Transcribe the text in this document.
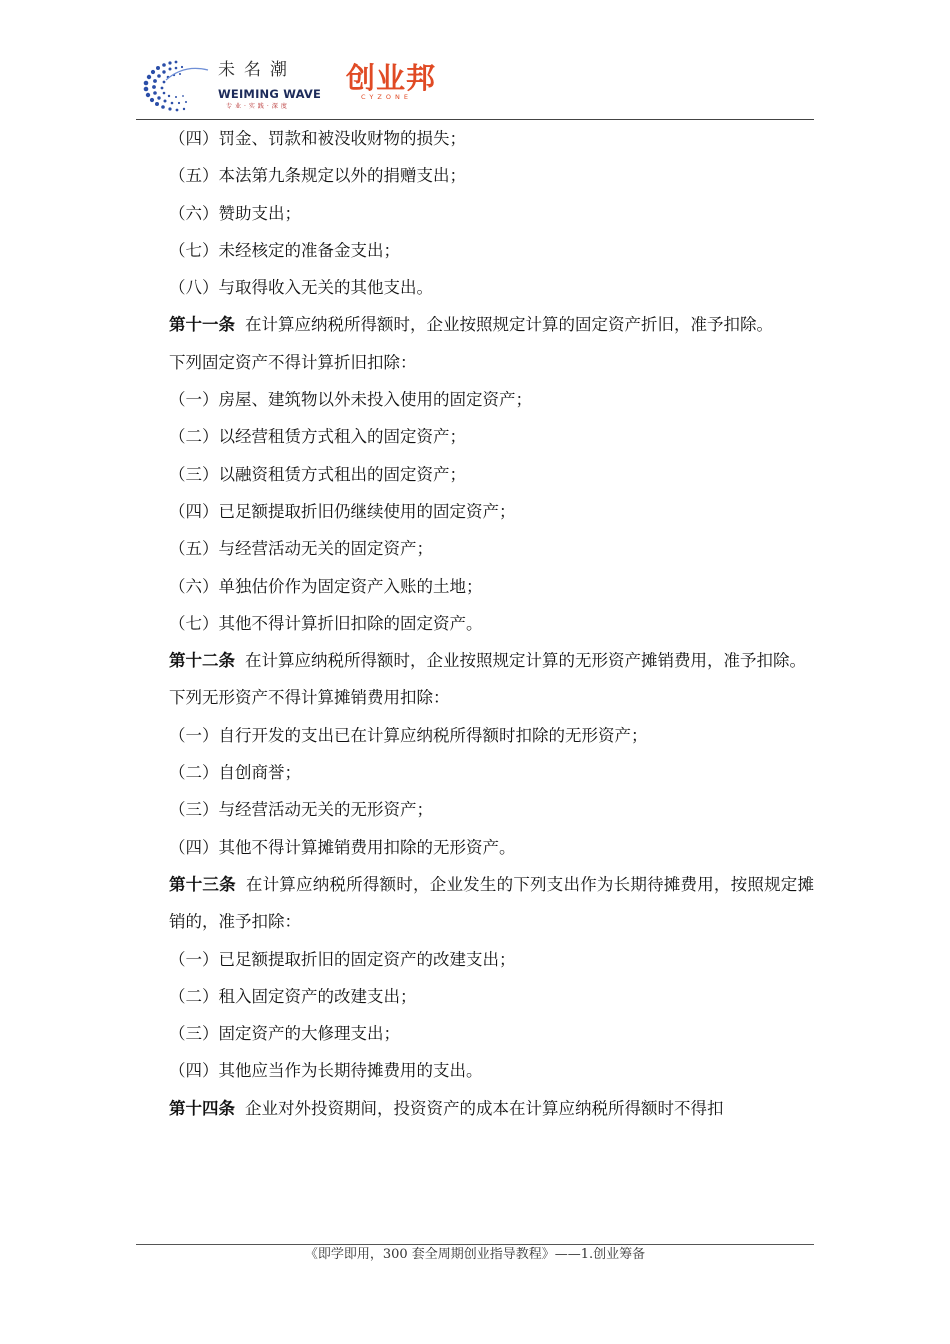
未名潮
WEIMING WAVE
专业·实践·深度
创业邦
CYZONE

（四）罚金、罚款和被没收财物的损失；

（五）本法第九条规定以外的捐赠支出；

（六）赞助支出；

（七）未经核定的准备金支出；

（八）与取得收入无关的其他支出。

第十一条 在计算应纳税所得额时，企业按照规定计算的固定资产折旧，准予扣除。

下列固定资产不得计算折旧扣除：

（一）房屋、建筑物以外未投入使用的固定资产；

（二）以经营租赁方式租入的固定资产；

（三）以融资租赁方式租出的固定资产；

（四）已足额提取折旧仍继续使用的固定资产；

（五）与经营活动无关的固定资产；

（六）单独估价作为固定资产入账的土地；

（七）其他不得计算折旧扣除的固定资产。

第十二条 在计算应纳税所得额时，企业按照规定计算的无形资产摊销费用，准予扣除。

下列无形资产不得计算摊销费用扣除：

（一）自行开发的支出已在计算应纳税所得额时扣除的无形资产；

（二）自创商誉；

（三）与经营活动无关的无形资产；

（四）其他不得计算摊销费用扣除的无形资产。

第十三条 在计算应纳税所得额时，企业发生的下列支出作为长期待摊费用，按照规定摊销的，准予扣除：

（一）已足额提取折旧的固定资产的改建支出；

（二）租入固定资产的改建支出；

（三）固定资产的大修理支出；

（四）其他应当作为长期待摊费用的支出。

第十四条 企业对外投资期间，投资资产的成本在计算应纳税所得额时不得扣

《即学即用，300 套全周期创业指导教程》——1.创业筹备
